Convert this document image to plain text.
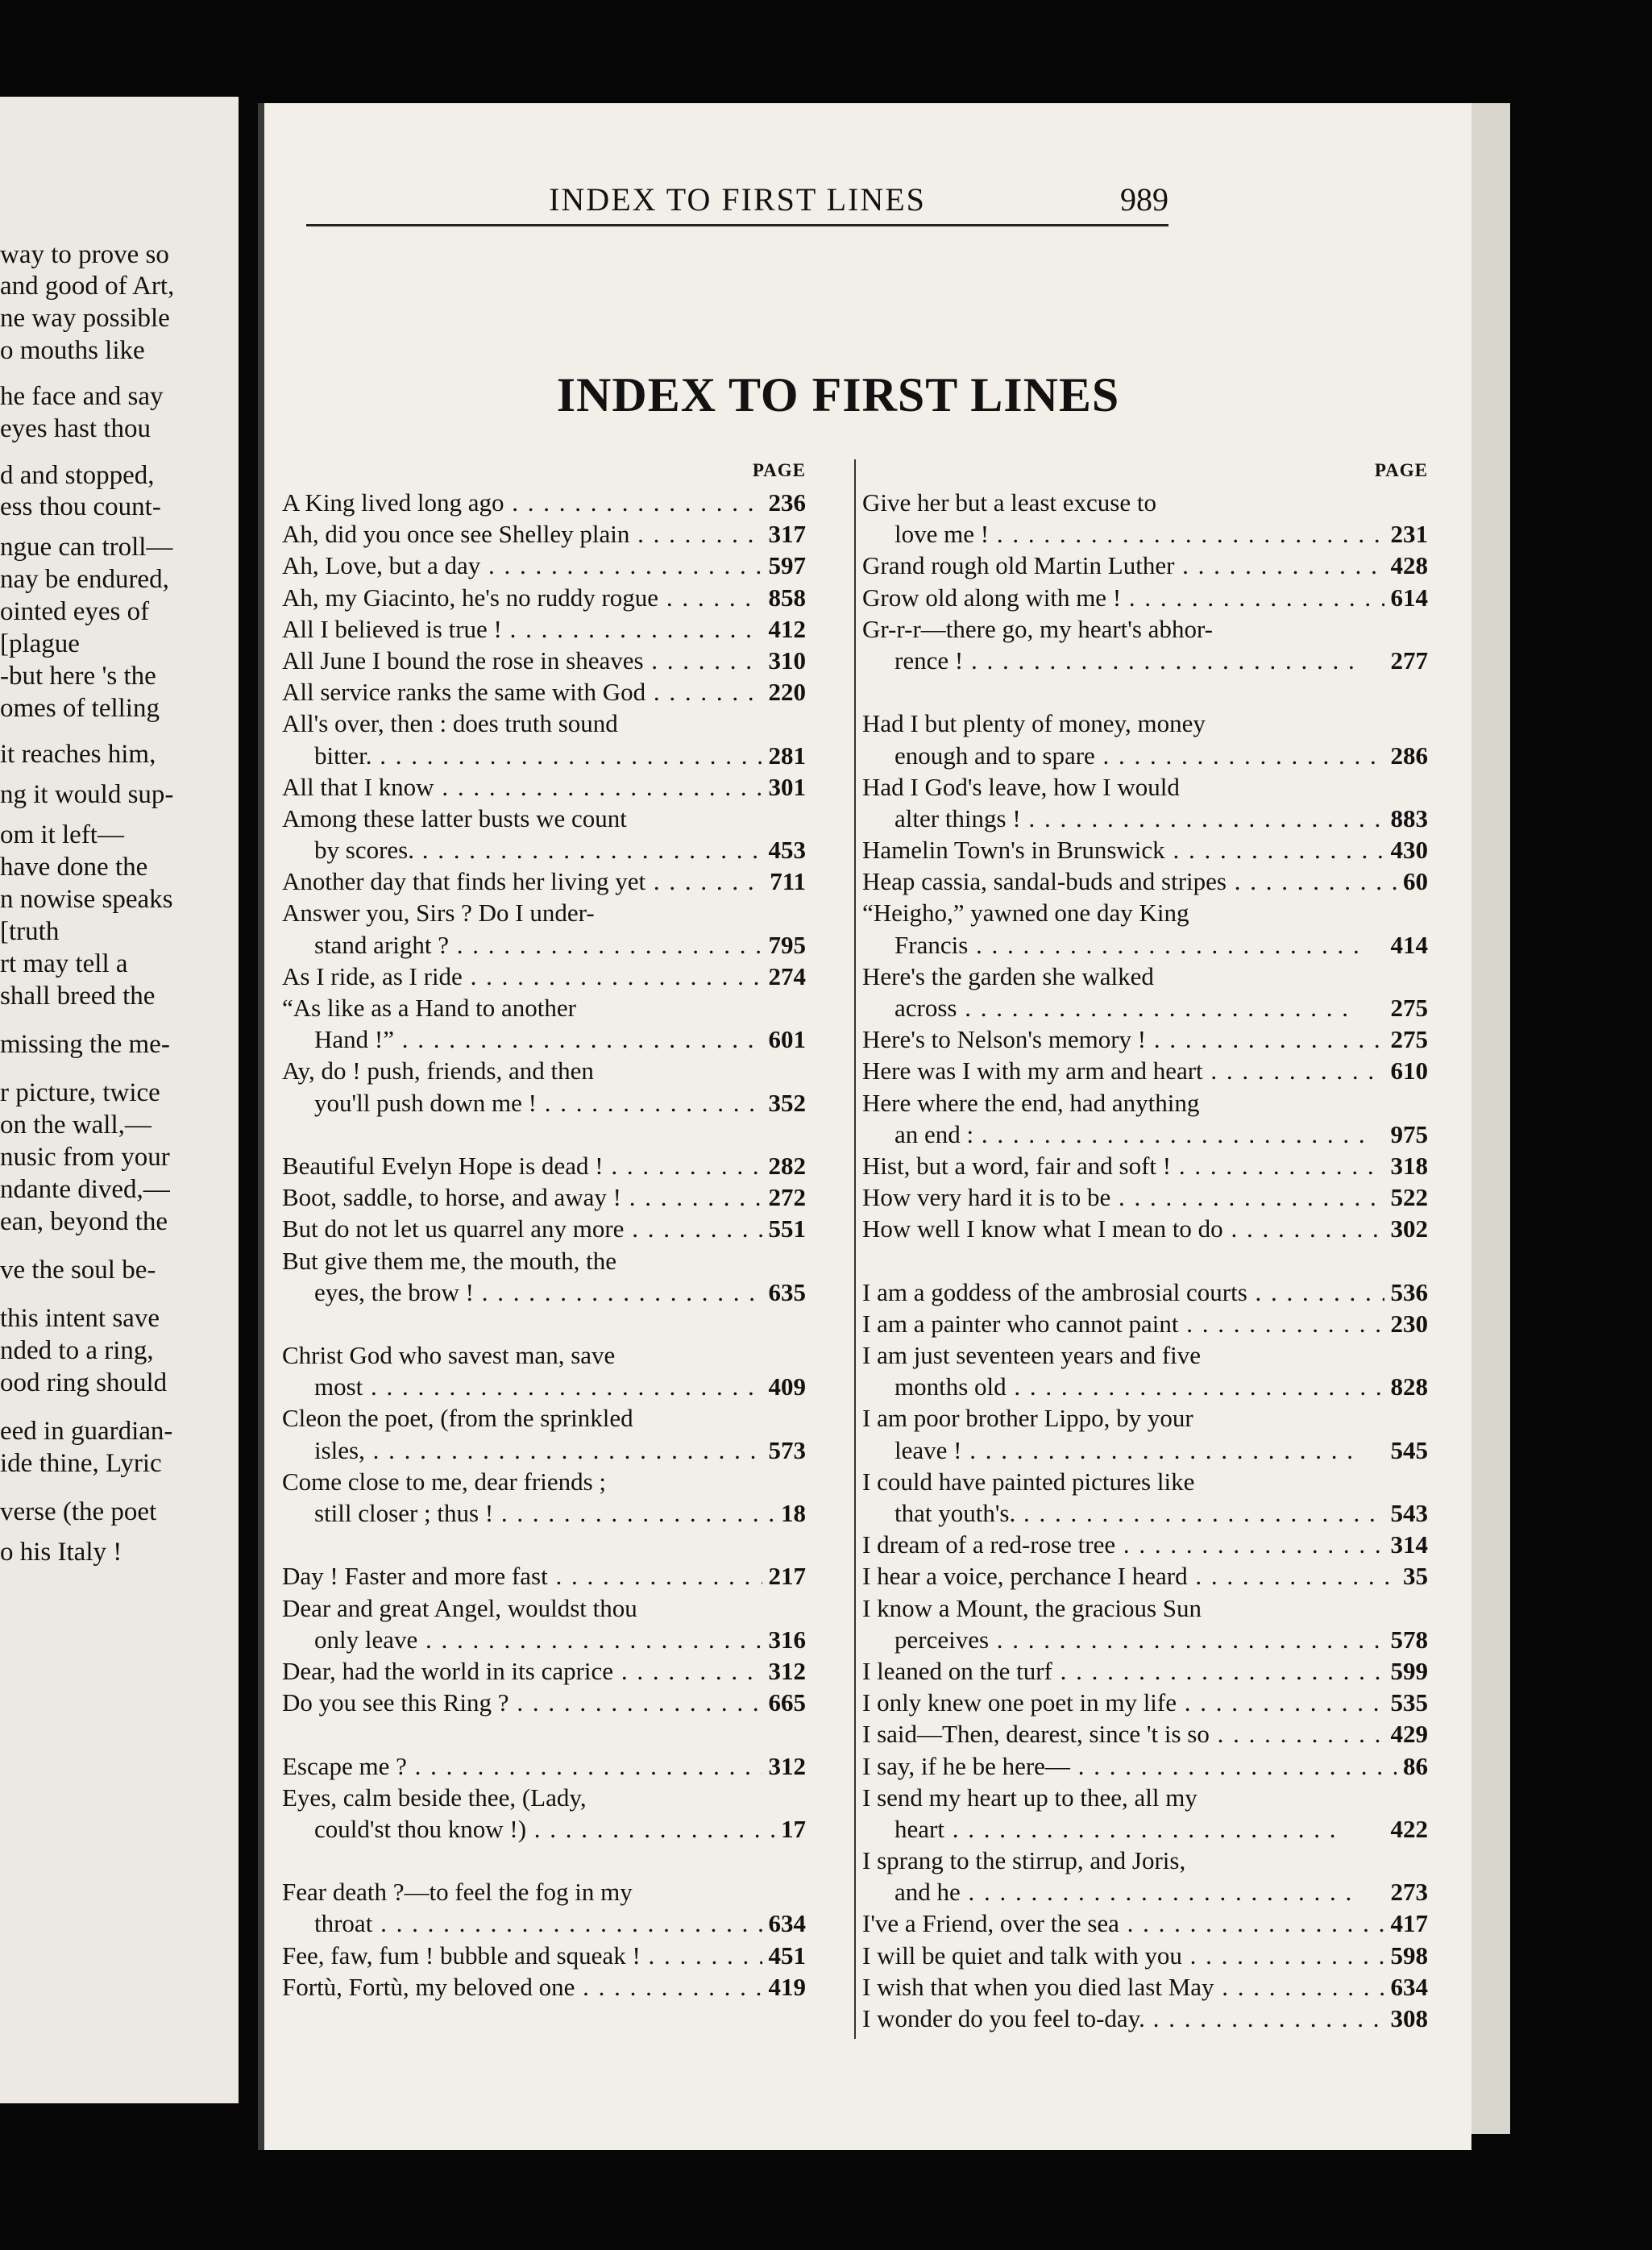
way to prove so
and good of Art,
ne way possible
o mouths like
he face and say
eyes hast thou
d and stopped,
ess thou count-
ngue can troll—
nay be endured,
ointed eyes of
[plague
-but here 's the
omes of telling
it reaches him,
ng it would sup-
om it left—
have done the
n nowise speaks
[truth
rt may tell a
shall breed the
missing the me-
r picture, twice
on the wall,—
nusic from your
ndante dived,—
ean, beyond the
ve the soul be-
this intent save
nded to a ring,
ood ring should
eed in guardian-
ide thine, Lyric
verse (the poet
o his Italy !
INDEX TO FIRST LINES	989
INDEX TO FIRST LINES
PAGE
A King lived long ago . .	236
Ah, did you once see Shelley plain . .	317
Ah, Love, but a day . .	597
Ah, my Giacinto, he's no ruddy rogue . .	858
All I believed is true ! . .	412
All June I bound the rose in sheaves . .	310
All service ranks the same with God . .	220
All's over, then : does truth sound
bitter. . .	281
All that I know . .	301
Among these latter busts we count
by scores. . .	453
Another day that finds her living yet . .	711
Answer you, Sirs ? Do I under-
stand aright ? . .	795
As I ride, as I ride . .	274
“As like as a Hand to another
Hand !” . .	601
Ay, do ! push, friends, and then
you'll push down me ! . .	352
Beautiful Evelyn Hope is dead ! . .	282
Boot, saddle, to horse, and away ! . .	272
But do not let us quarrel any more . .	551
But give them me, the mouth, the
eyes, the brow ! . .	635
Christ God who savest man, save
most . .	409
Cleon the poet, (from the sprinkled
isles, . .	573
Come close to me, dear friends ;
still closer ; thus ! . .	18
Day ! Faster and more fast . .	217
Dear and great Angel, wouldst thou
only leave . .	316
Dear, had the world in its caprice . .	312
Do you see this Ring ? . .	665
Escape me ? . .	312
Eyes, calm beside thee, (Lady,
could'st thou know !) . .	17
Fear death ?—to feel the fog in my
throat . .	634
Fee, faw, fum ! bubble and squeak ! . .	451
Fortù, Fortù, my beloved one . .	419
PAGE
Give her but a least excuse to
love me ! . .	231
Grand rough old Martin Luther . .	428
Grow old along with me ! . .	614
Gr-r-r—there go, my heart's abhor-
rence ! . .	277
Had I but plenty of money, money
enough and to spare . .	286
Had I God's leave, how I would
alter things ! . .	883
Hamelin Town's in Brunswick . .	430
Heap cassia, sandal-buds and stripes . .	60
“Heigho,” yawned one day King
Francis . .	414
Here's the garden she walked
across . .	275
Here's to Nelson's memory ! . .	275
Here was I with my arm and heart . .	610
Here where the end, had anything
an end : . .	975
Hist, but a word, fair and soft ! . .	318
How very hard it is to be . .	522
How well I know what I mean to do . .	302
I am a goddess of the ambrosial courts . .	536
I am a painter who cannot paint . .	230
I am just seventeen years and five
months old . .	828
I am poor brother Lippo, by your
leave ! . .	545
I could have painted pictures like
that youth's. . .	543
I dream of a red-rose tree . .	314
I hear a voice, perchance I heard . .	35
I know a Mount, the gracious Sun
perceives . .	578
I leaned on the turf . .	599
I only knew one poet in my life . .	535
I said—Then, dearest, since 't is so . .	429
I say, if he be here— . .	86
I send my heart up to thee, all my
heart . .	422
I sprang to the stirrup, and Joris,
and he . .	273
I've a Friend, over the sea . .	417
I will be quiet and talk with you . .	598
I wish that when you died last May . .	634
I wonder do you feel to-day. . .	308
